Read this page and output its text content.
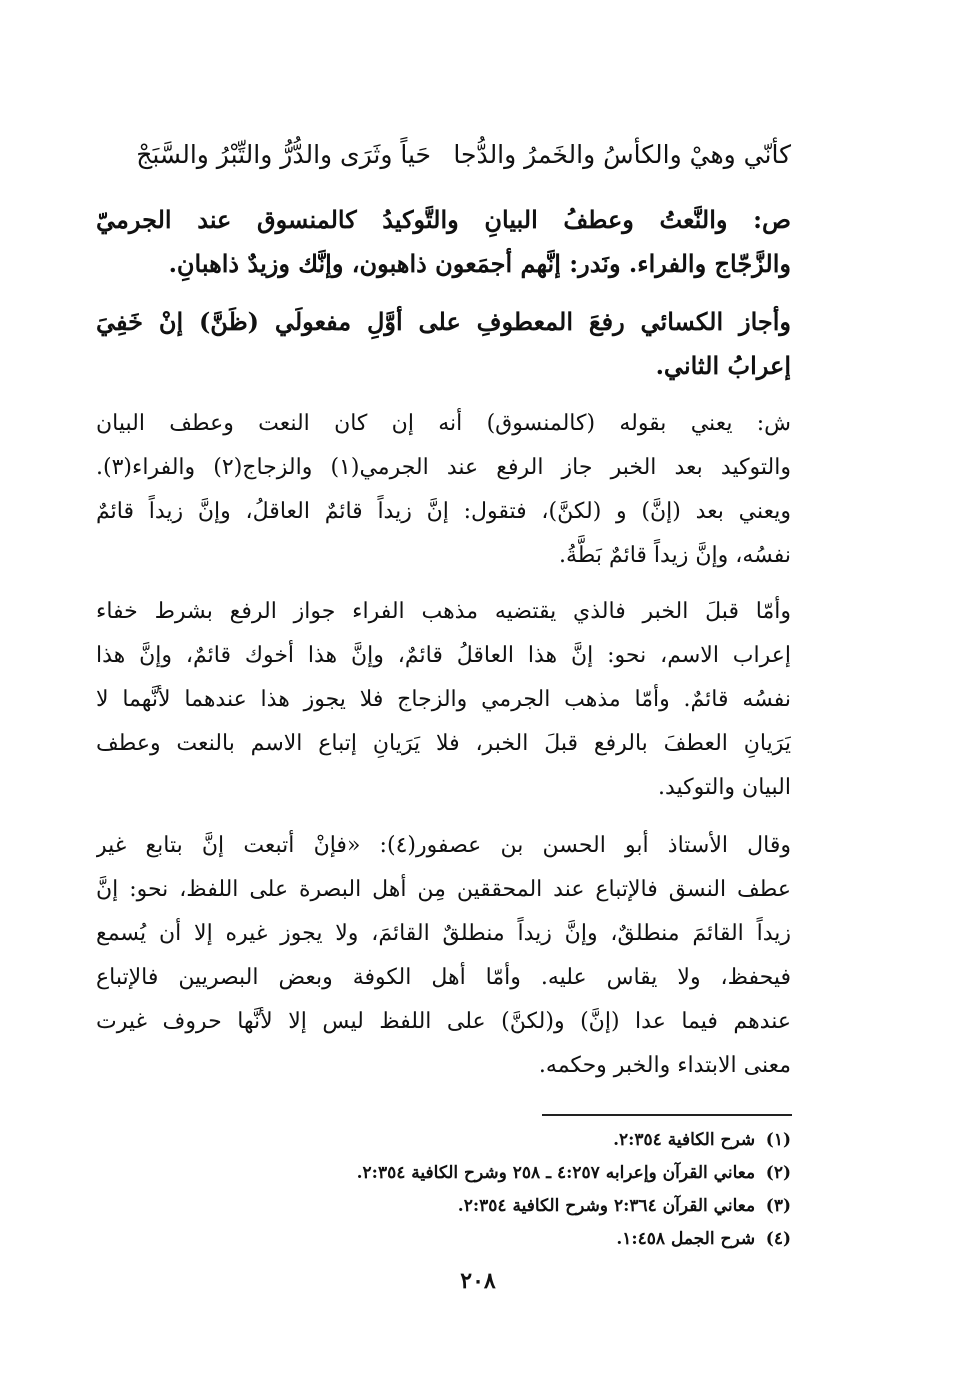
كأنّي وهيْ والكأسُ والخَمرُ والدُّجا
حَياً وثَرَى والدُّرُّ والتِّبْرُ والسَّبَجْ
ص: والنَّعتُ وعطفُ البيانِ والتَّوكيدُ كالمنسوق عند الجرميّ
والزَّجّاج والفراء. ونَدر: إنَّهم أجمَعون ذاهبون، وإنَّك وزيدٌ ذاهبانِ.
وأجاز الكسائي رفعَ المعطوفِ على أوَّلِ مفعولَي (ظَنَّ) إنْ خَفِيَ
إعرابُ الثاني.
ش: يعني بقوله (كالمنسوق) أنه إن كان النعت وعطف البيان
والتوكيد بعد الخبر جاز الرفع عند الجرمي(١) والزجاج(٢) والفراء(٣).
ويعني بعد (إنَّ) و (لكنَّ)، فتقول: إنَّ زيداً قائمٌ العاقلُ، وإنَّ زيداً قائمٌ
نفسُه، وإنَّ زيداً قائمٌ بَطَّةُ.
وأمّا قبلَ الخبر فالذي يقتضيه مذهب الفراء جواز الرفع بشرط خفاء
إعراب الاسم، نحو: إنَّ هذا العاقلُ قائمٌ، وإنَّ هذا أخوك قائمٌ، وإنَّ هذا
نفسُه قائمٌ. وأمّا مذهب الجرمي والزجاج فلا يجوز هذا عندهما لأنَّهما لا
يَرَيانِ العطفَ بالرفع قبلَ الخبر، فلا يَرَيانِ إتباع الاسم بالنعت وعطف
البيان والتوكيد.
وقال الأستاذ أبو الحسن بن عصفور(٤): «فإنْ أتبعت إنَّ بتابع غير
عطف النسق فالإتباع عند المحققين مِن أهل البصرة على اللفظ، نحو: إنَّ
زيداً القائمَ منطلقٌ، وإنَّ زيداً منطلقٌ القائمَ، ولا يجوز غيره إلا أن يُسمع
فيحفظ، ولا يقاس عليه. وأمّا أهل الكوفة وبعض البصريين فالإتباع
عندهم فيما عدا (إنَّ) و(لكنَّ) على اللفظ ليس إلا لأنَّها حروف غيرت
معنى الابتداء والخبر وحكمه.
(١) شرح الكافية ٢:٣٥٤.
(٢) معاني القرآن وإعرابه ٤:٢٥٧ ـ ٢٥٨ وشرح الكافية ٢:٣٥٤.
(٣) معاني القرآن ٢:٣٦٤ وشرح الكافية ٢:٣٥٤.
(٤) شرح الجمل ١:٤٥٨.
٢٠٨
